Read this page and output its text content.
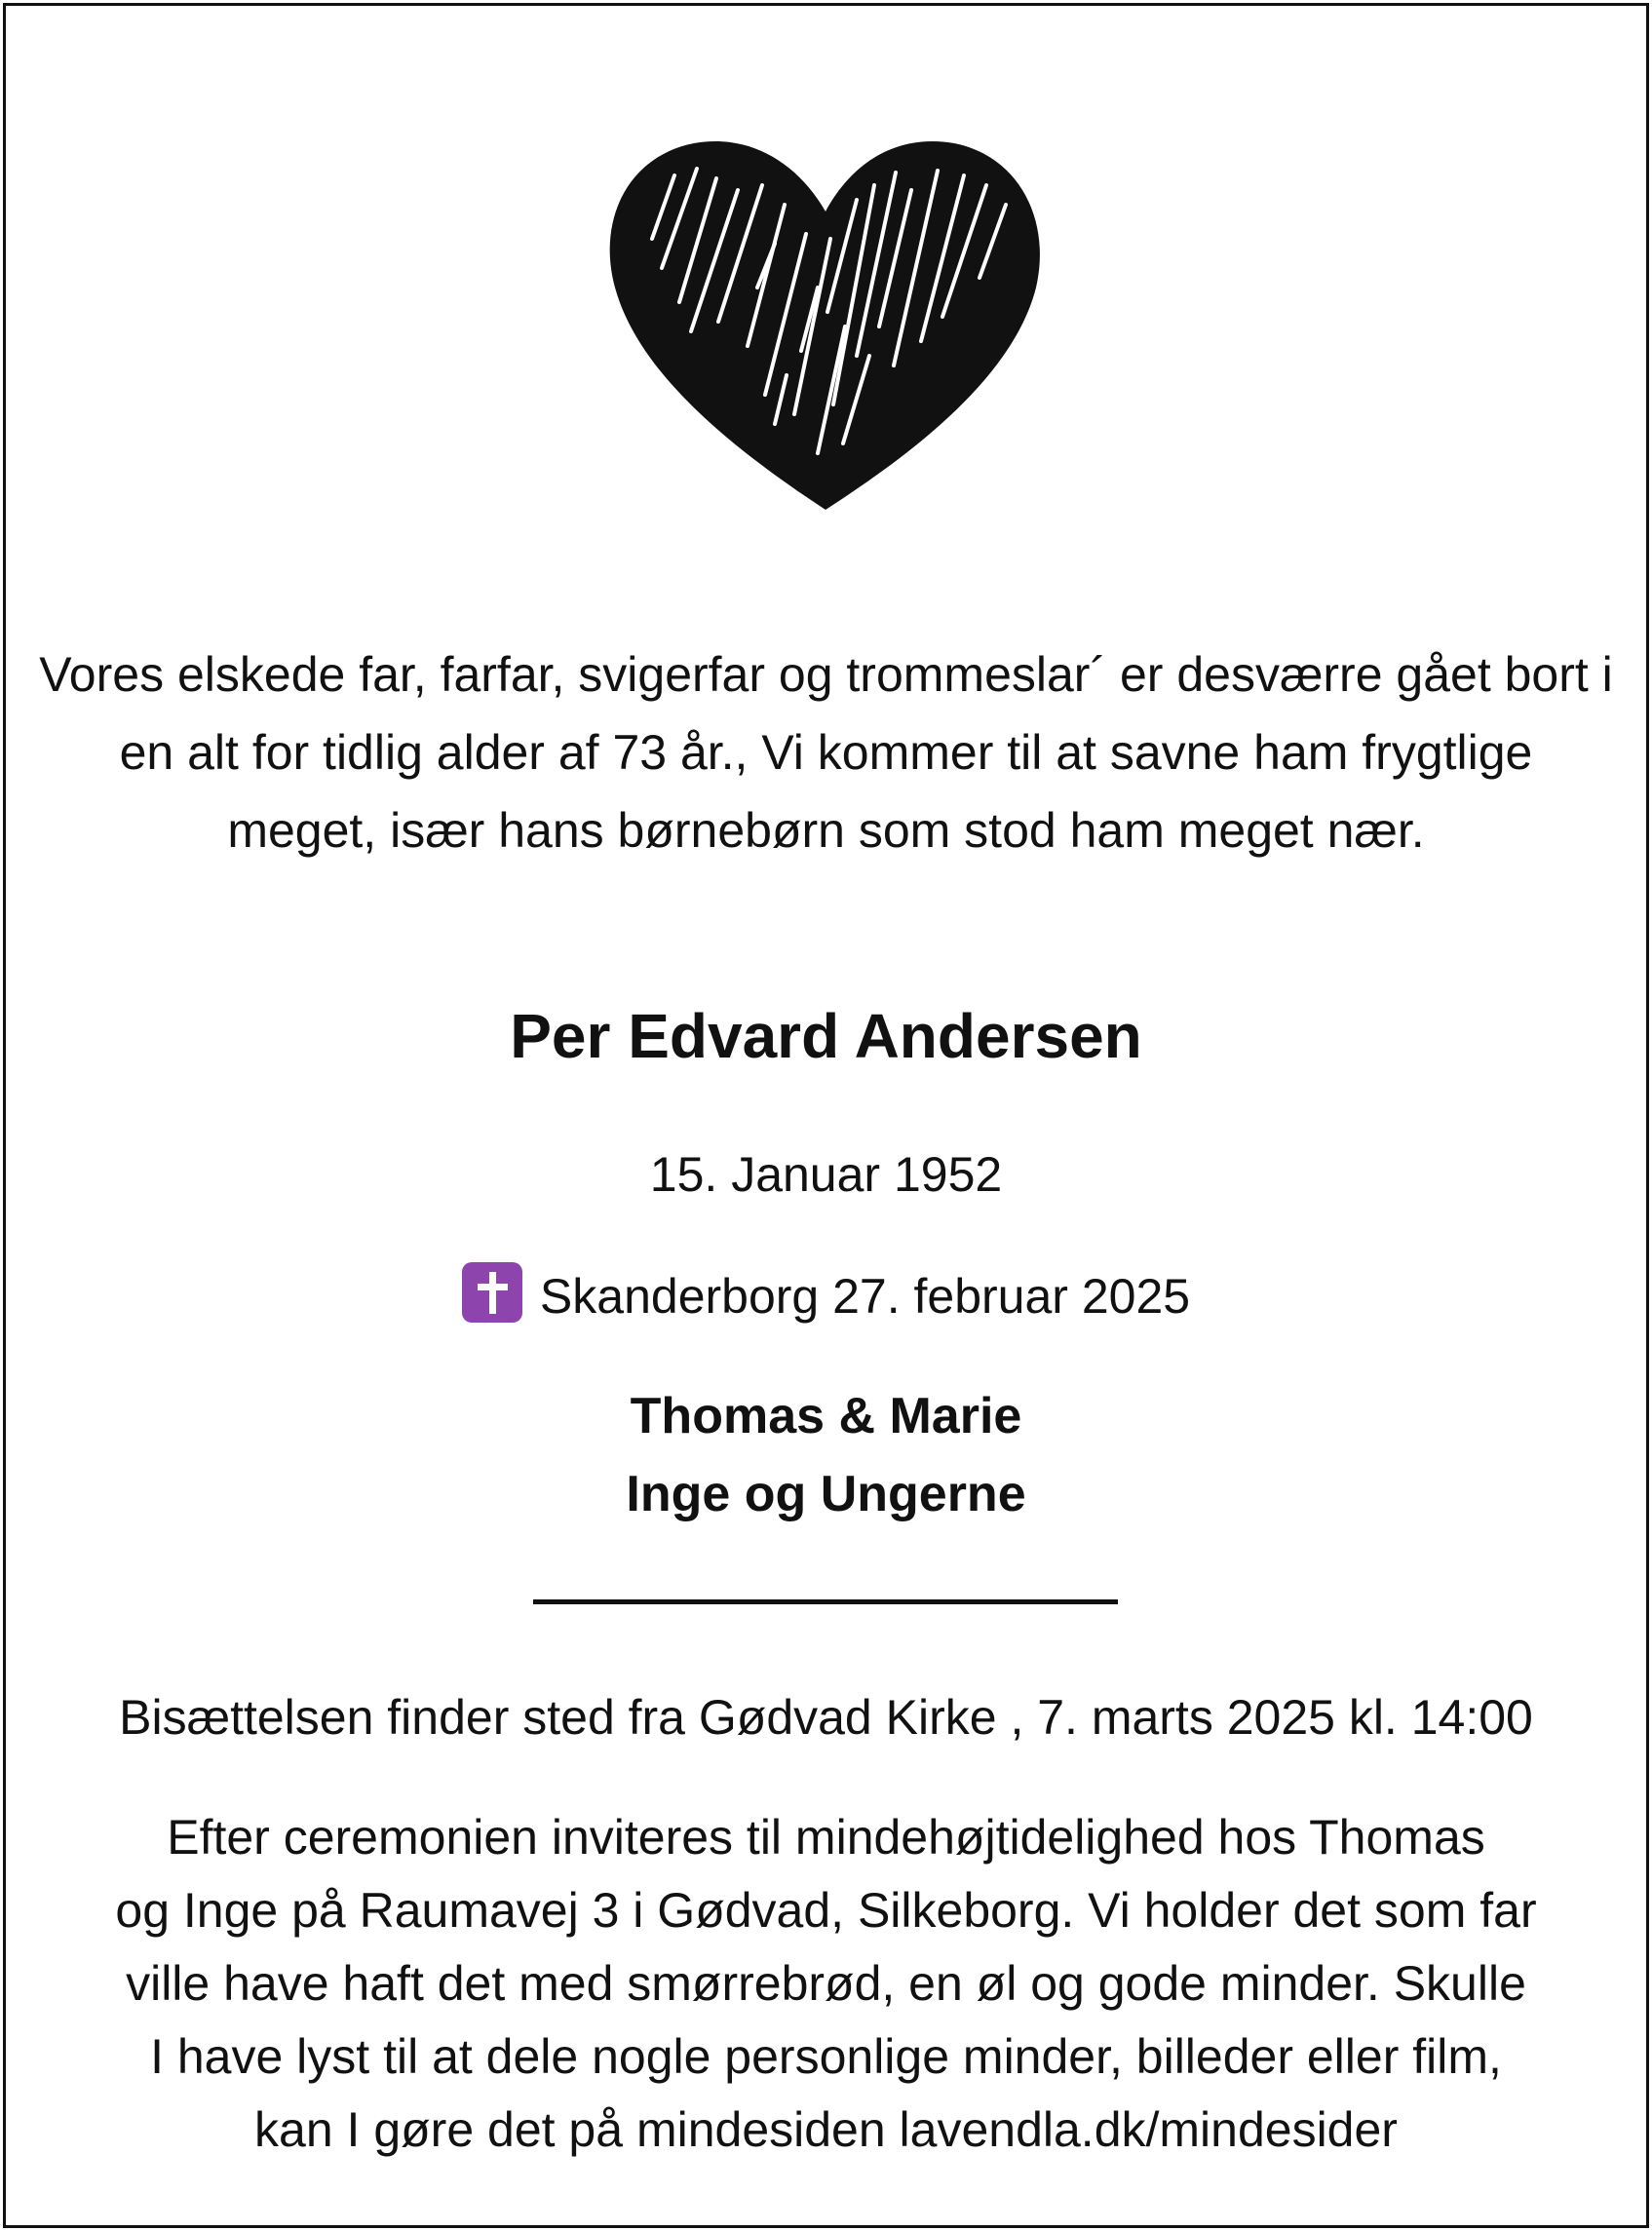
Vores elskede far, farfar, svigerfar og trommeslar´ er desværre gået bort i en alt for tidlig alder af 73 år., Vi kommer til at savne ham frygtlige meget, især hans børnebørn som stod ham meget nær.
Per Edvard Andersen
15. Januar 1952
Skanderborg 27. februar 2025
Thomas & Marie
Inge og Ungerne
Bisættelsen finder sted fra Gødvad Kirke , 7. marts 2025 kl. 14:00
Efter ceremonien inviteres til mindehøjtidelighed hos Thomas
og Inge på Raumavej 3 i Gødvad, Silkeborg. Vi holder det som far
ville have haft det med smørrebrød, en øl og gode minder. Skulle
I have lyst til at dele nogle personlige minder, billeder eller film,
kan I gøre det på mindesiden lavendla.dk/mindesider
